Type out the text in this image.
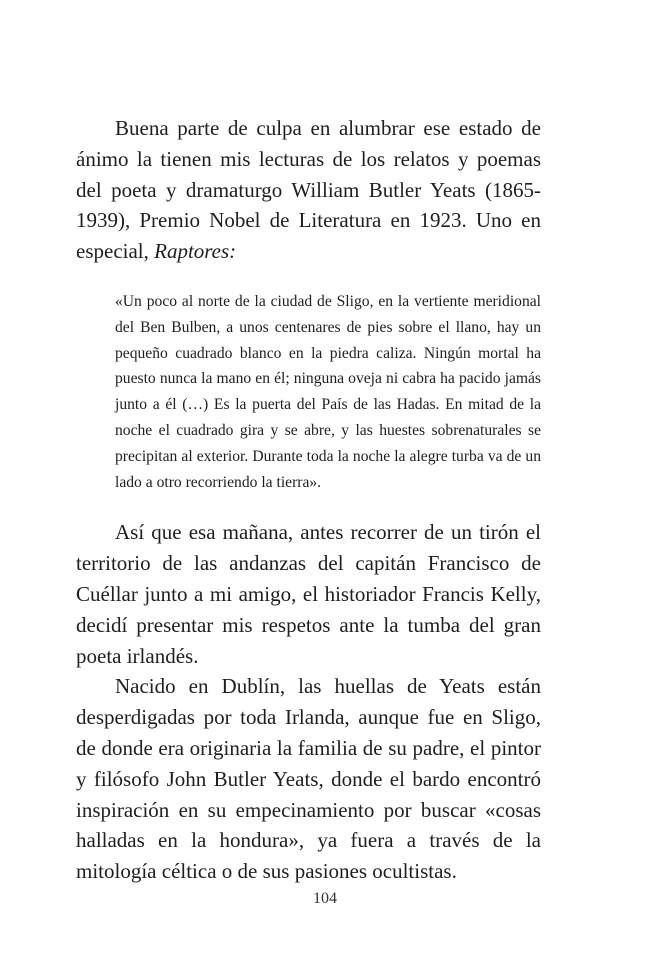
Buena parte de culpa en alumbrar ese estado de ánimo la tienen mis lecturas de los relatos y poemas del poeta y dramaturgo William Butler Yeats (1865-1939), Premio Nobel de Literatura en 1923. Uno en especial, Raptores:

«Un poco al norte de la ciudad de Sligo, en la vertiente meridional del Ben Bulben, a unos centenares de pies sobre el llano, hay un pequeño cuadrado blanco en la piedra caliza. Ningún mortal ha puesto nunca la mano en él; ninguna oveja ni cabra ha pacido jamás junto a él (…) Es la puerta del País de las Hadas. En mitad de la noche el cuadrado gira y se abre, y las huestes sobrenaturales se precipitan al exterior. Durante toda la noche la alegre turba va de un lado a otro recorriendo la tierra».

Así que esa mañana, antes recorrer de un tirón el territorio de las andanzas del capitán Francisco de Cuéllar junto a mi amigo, el historiador Francis Kelly, decidí presentar mis respetos ante la tumba del gran poeta irlandés.

Nacido en Dublín, las huellas de Yeats están desperdigadas por toda Irlanda, aunque fue en Sligo, de donde era originaria la familia de su padre, el pintor y filósofo John Butler Yeats, donde el bardo encontró inspiración en su empecinamiento por buscar «cosas halladas en la hondura», ya fuera a través de la mitología céltica o de sus pasiones ocultistas.

104
